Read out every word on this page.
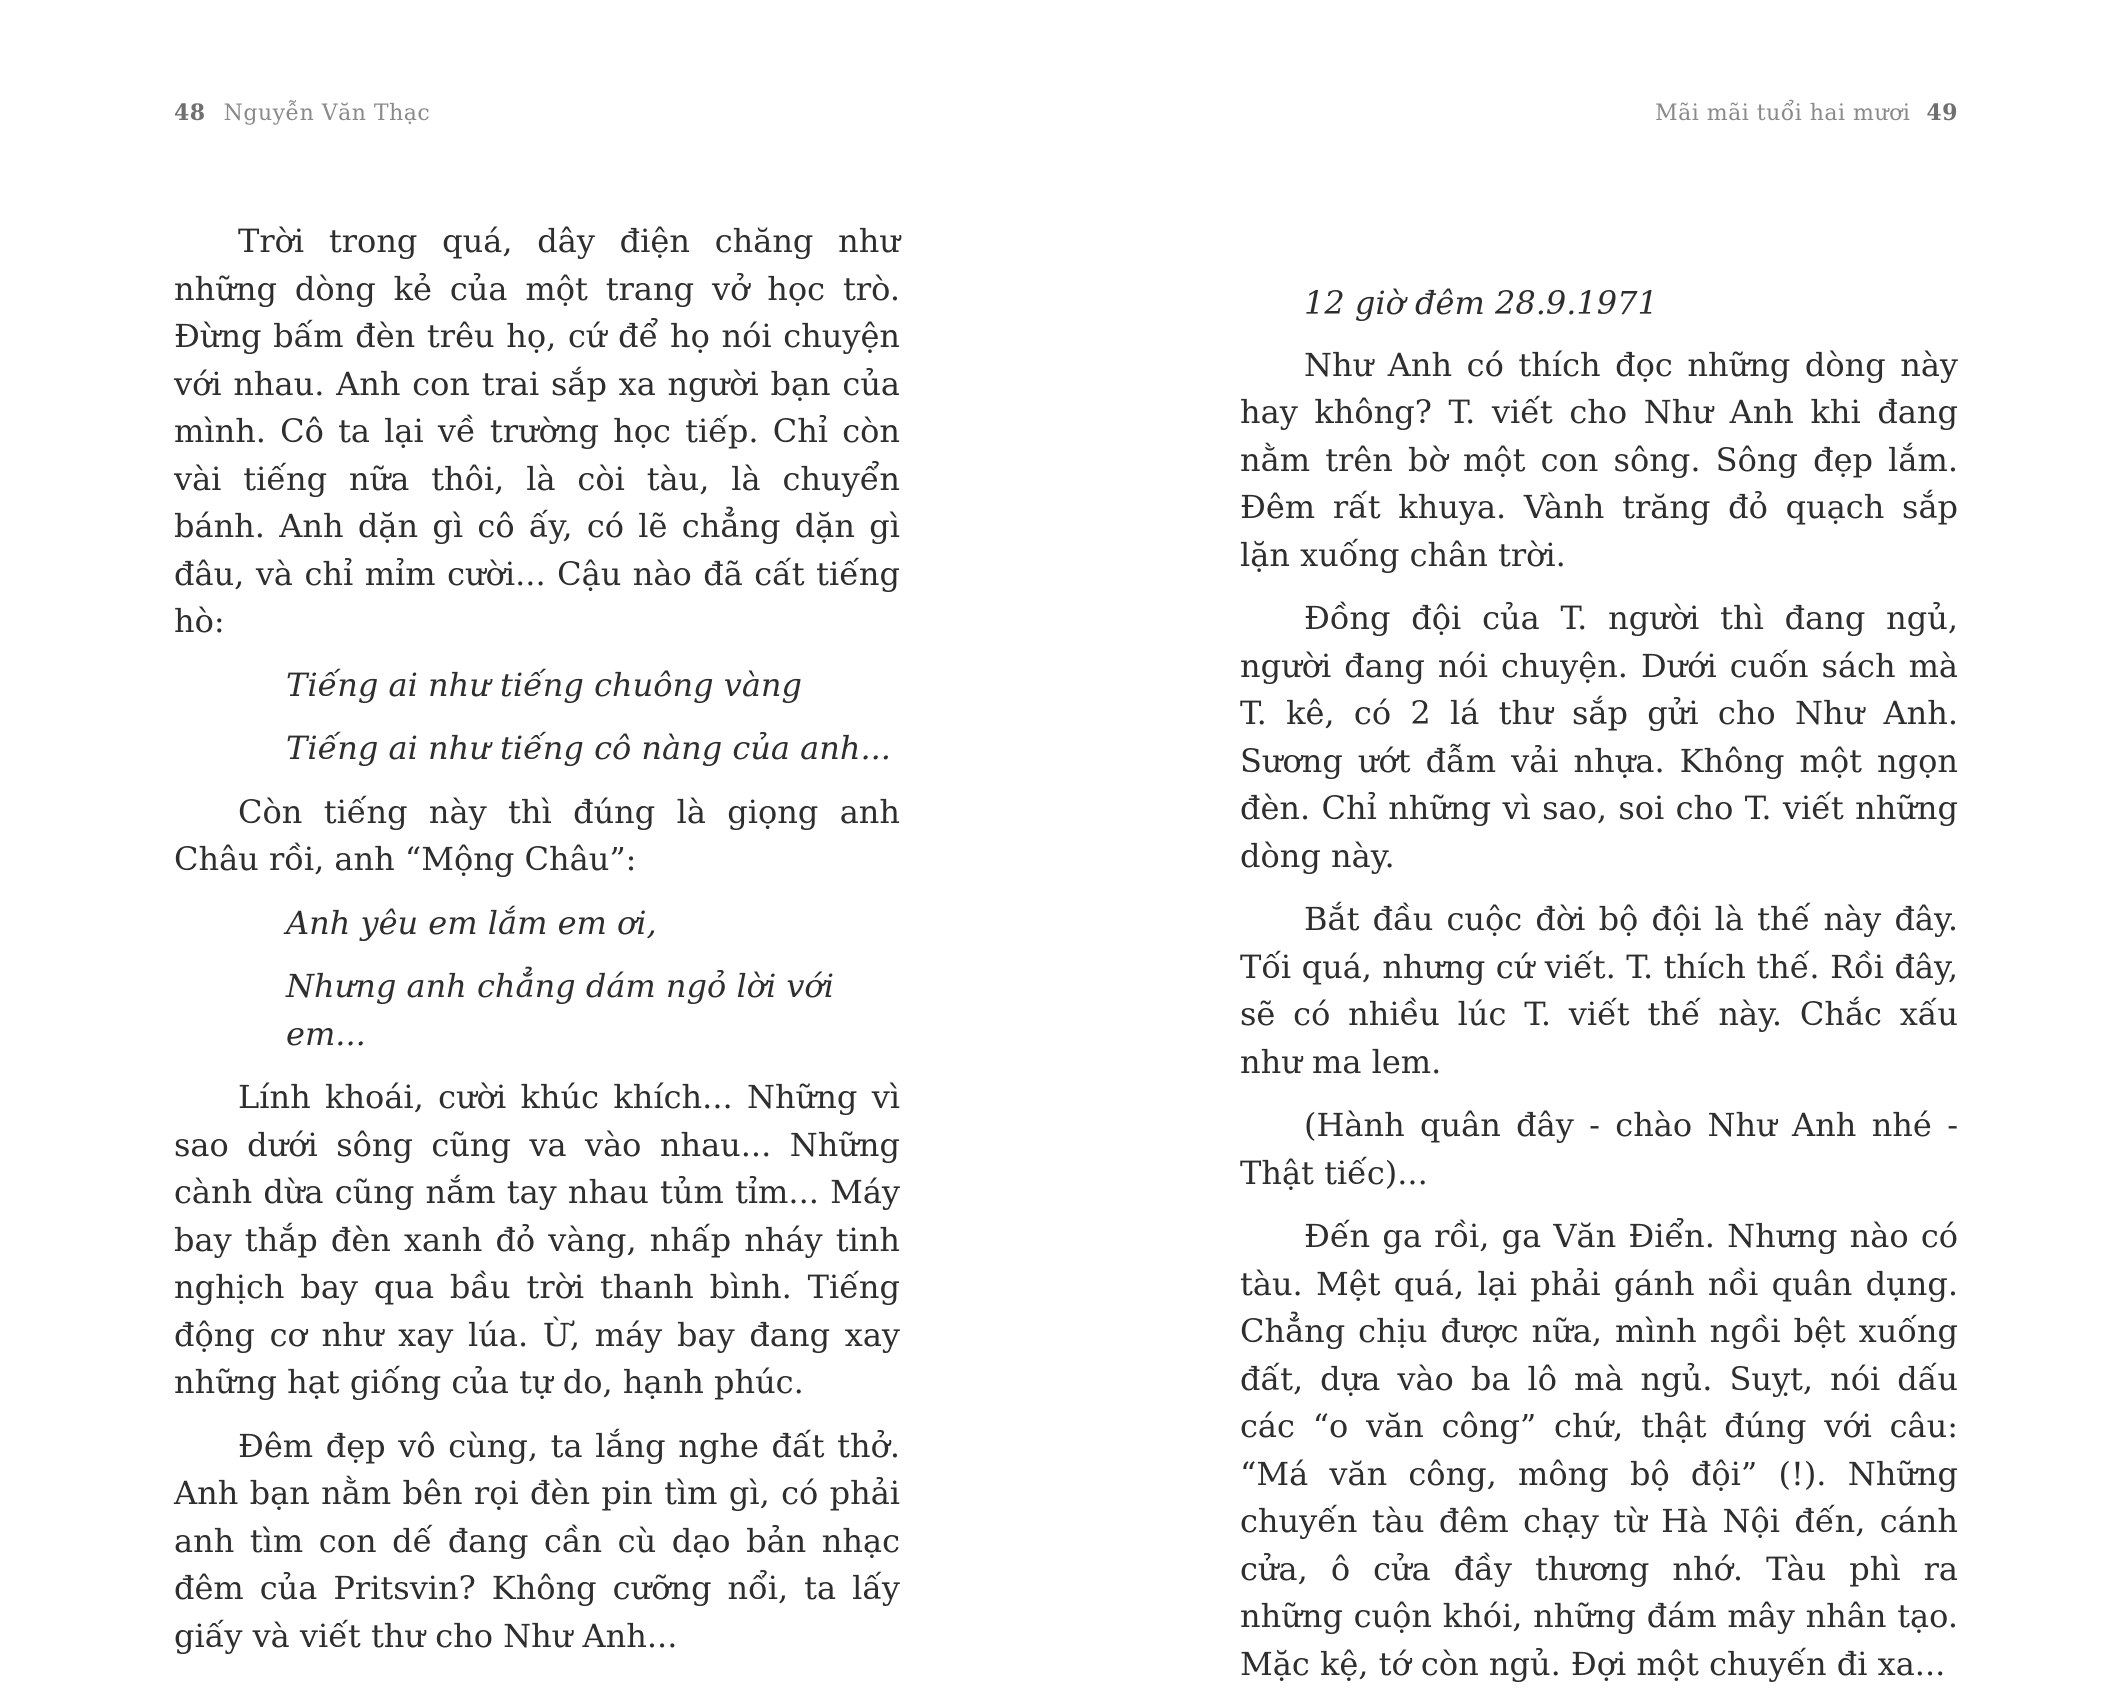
48 Nguyễn Văn Thạc

Trời trong quá, dây điện chăng như những dòng kẻ của một trang vở học trò. Đừng bấm đèn trêu họ, cứ để họ nói chuyện với nhau. Anh con trai sắp xa người bạn của mình. Cô ta lại về trường học tiếp. Chỉ còn vài tiếng nữa thôi, là còi tàu, là chuyển bánh. Anh dặn gì cô ấy, có lẽ chẳng dặn gì đâu, và chỉ mỉm cười... Cậu nào đã cất tiếng hò:

Tiếng ai như tiếng chuông vàng

Tiếng ai như tiếng cô nàng của anh...

Còn tiếng này thì đúng là giọng anh Châu rồi, anh “Mộng Châu”:

Anh yêu em lắm em ơi,

Nhưng anh chẳng dám ngỏ lời với em...

Lính khoái, cười khúc khích... Những vì sao dưới sông cũng va vào nhau... Những cành dừa cũng nắm tay nhau tủm tỉm... Máy bay thắp đèn xanh đỏ vàng, nhấp nháy tinh nghịch bay qua bầu trời thanh bình. Tiếng động cơ như xay lúa. Ừ, máy bay đang xay những hạt giống của tự do, hạnh phúc.

Đêm đẹp vô cùng, ta lắng nghe đất thở. Anh bạn nằm bên rọi đèn pin tìm gì, có phải anh tìm con dế đang cần cù dạo bản nhạc đêm của Pritsvin? Không cưỡng nổi, ta lấy giấy và viết thư cho Như Anh...

Mãi mãi tuổi hai mươi 49

12 giờ đêm 28.9.1971

Như Anh có thích đọc những dòng này hay không? T. viết cho Như Anh khi đang nằm trên bờ một con sông. Sông đẹp lắm. Đêm rất khuya. Vành trăng đỏ quạch sắp lặn xuống chân trời.

Đồng đội của T. người thì đang ngủ, người đang nói chuyện. Dưới cuốn sách mà T. kê, có 2 lá thư sắp gửi cho Như Anh. Sương ướt đẫm vải nhựa. Không một ngọn đèn. Chỉ những vì sao, soi cho T. viết những dòng này.

Bắt đầu cuộc đời bộ đội là thế này đây. Tối quá, nhưng cứ viết. T. thích thế. Rồi đây, sẽ có nhiều lúc T. viết thế này. Chắc xấu như ma lem.

(Hành quân đây - chào Như Anh nhé - Thật tiếc)...

Đến ga rồi, ga Văn Điển. Nhưng nào có tàu. Mệt quá, lại phải gánh nồi quân dụng. Chẳng chịu được nữa, mình ngồi bệt xuống đất, dựa vào ba lô mà ngủ. Suỵt, nói dấu các “o văn công” chứ, thật đúng với câu: “Má văn công, mông bộ đội” (!). Những chuyến tàu đêm chạy từ Hà Nội đến, cánh cửa, ô cửa đầy thương nhớ. Tàu phì ra những cuộn khói, những đám mây nhân tạo. Mặc kệ, tớ còn ngủ. Đợi một chuyến đi xa...
